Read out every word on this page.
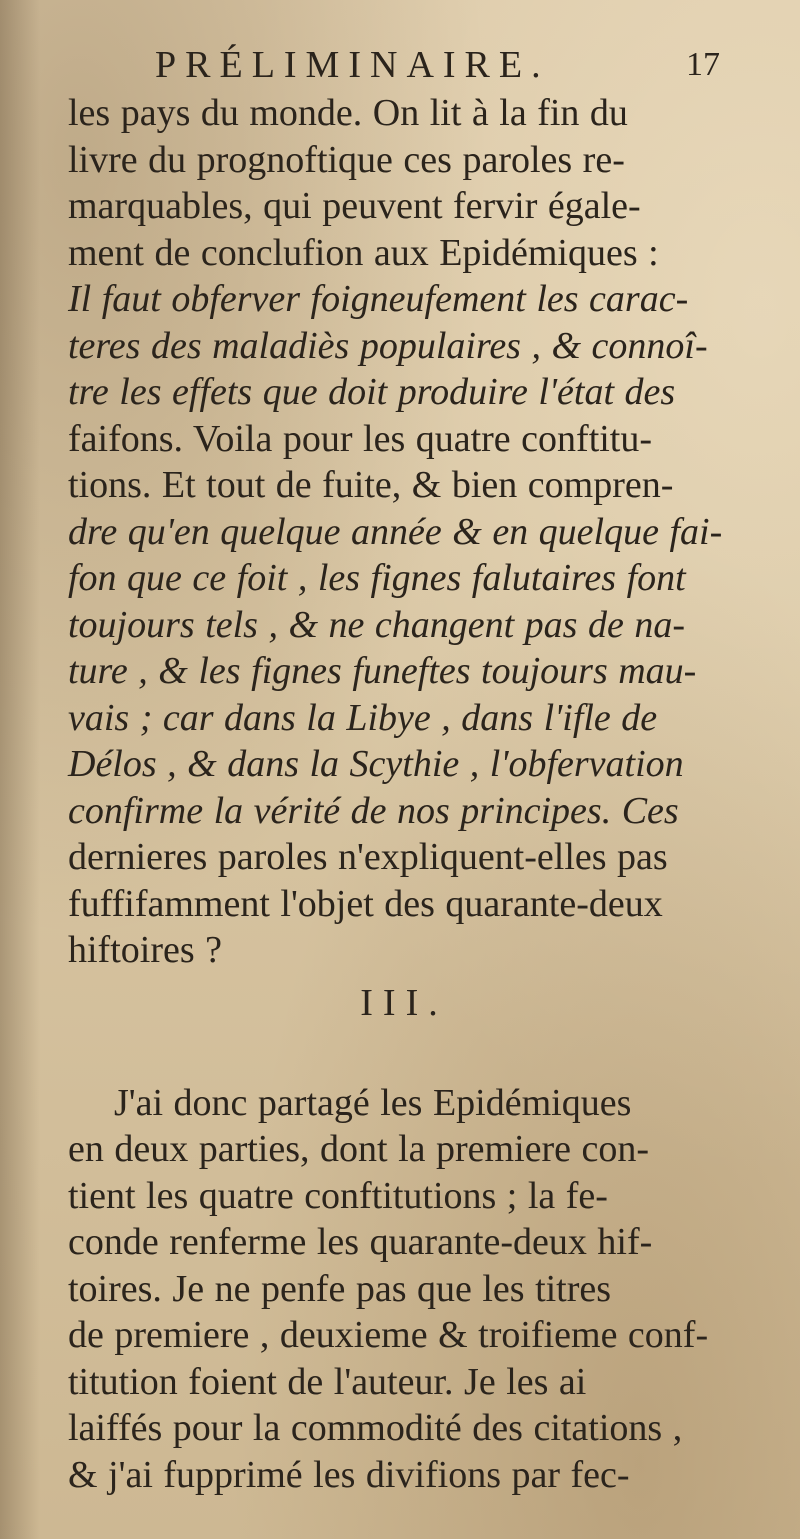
PRÉLIMINAIRE.	17
les pays du monde. On lit à la fin du
livre du prognoftique ces paroles re-
marquables, qui peuvent fervir égale-
ment de conclufion aux Epidémiques :
Il faut obferver foigneufement les carac-
teres des maladiès populaires , & connoî-
tre les effets que doit produire l'état des
faifons. Voila pour les quatre conftitu-
tions. Et tout de fuite, & bien compren-
dre qu'en quelque année & en quelque fai-
fon que ce foit , les fignes falutaires font
toujours tels , & ne changent pas de na-
ture , & les fignes funeftes toujours mau-
vais ; car dans la Libye , dans l'ifle de
Délos , & dans la Scythie , l'obfervation
confirme la vérité de nos principes. Ces
dernieres paroles n'expliquent-elles pas
fuffifamment l'objet des quarante-deux
hiftoires ?
III.
J'ai donc partagé les Epidémiques
en deux parties, dont la premiere con-
tient les quatre conftitutions ; la fe-
conde renferme les quarante-deux hif-
toires. Je ne penfe pas que les titres
de premiere , deuxieme & troifieme conf-
titution foient de l'auteur. Je les ai
laiffés pour la commodité des citations ,
& j'ai fupprimé les divifions par fec-
